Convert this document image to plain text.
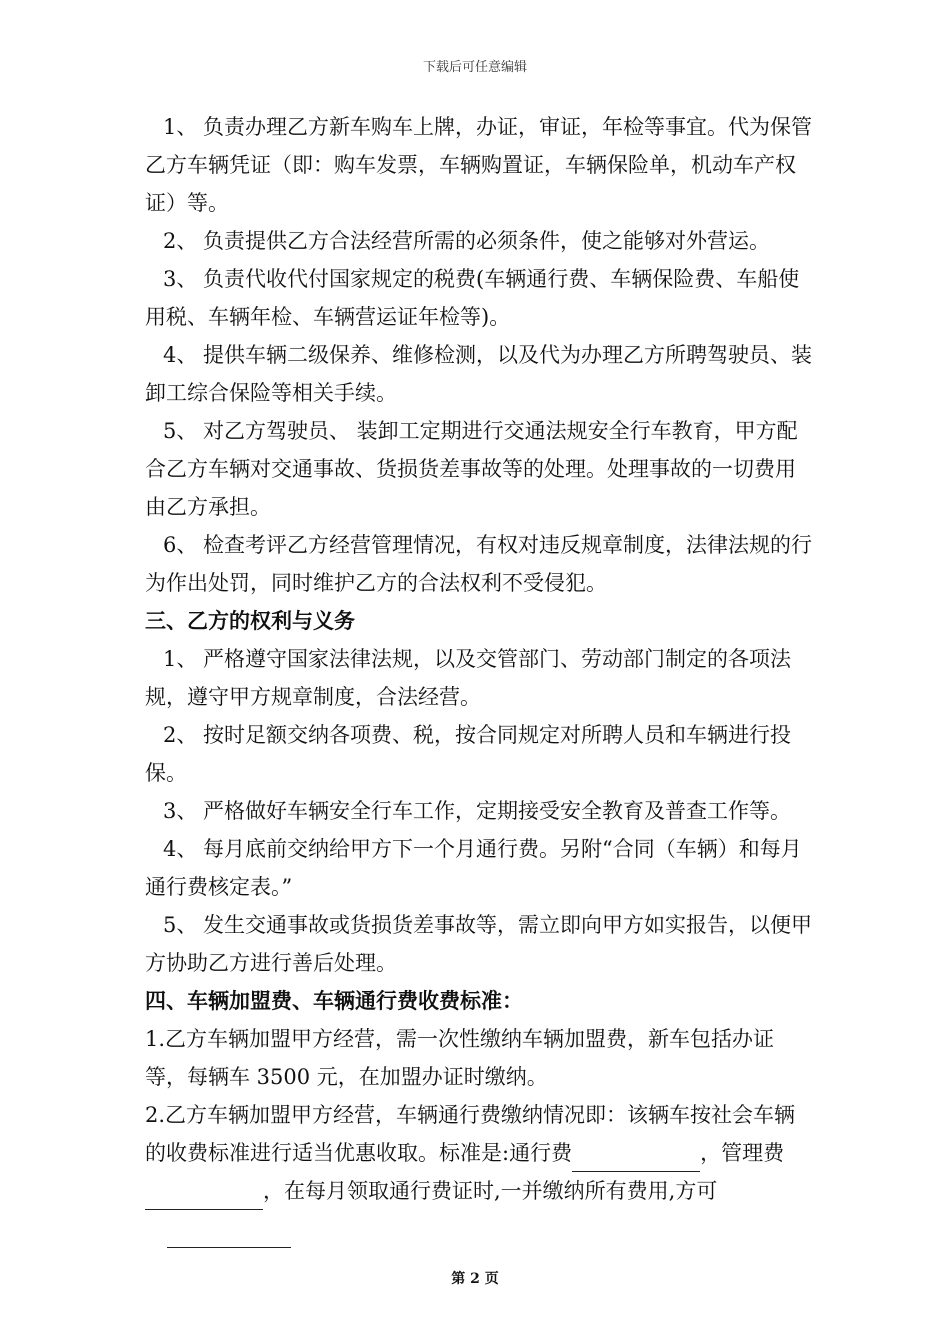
下载后可任意编辑

1、 负责办理乙方新车购车上牌，办证，审证，年检等事宜。代为保管乙方车辆凭证（即：购车发票，车辆购置证，车辆保险单，机动车产权证）等。

2、 负责提供乙方合法经营所需的必须条件，使之能够对外营运。

3、 负责代收代付国家规定的税费(车辆通行费、车辆保险费、车船使用税、车辆年检、车辆营运证年检等)。

4、 提供车辆二级保养、维修检测，以及代为办理乙方所聘驾驶员、装卸工综合保险等相关手续。

5、 对乙方驾驶员、 装卸工定期进行交通法规安全行车教育，甲方配合乙方车辆对交通事故、货损货差事故等的处理。处理事故的一切费用由乙方承担。

6、 检查考评乙方经营管理情况，有权对违反规章制度，法律法规的行为作出处罚，同时维护乙方的合法权利不受侵犯。

三、乙方的权利与义务

1、 严格遵守国家法律法规，以及交管部门、劳动部门制定的各项法规，遵守甲方规章制度，合法经营。

2、 按时足额交纳各项费、税，按合同规定对所聘人员和车辆进行投保。

3、 严格做好车辆安全行车工作，定期接受安全教育及普查工作等。

4、 每月底前交纳给甲方下一个月通行费。另附“合同（车辆）和每月通行费核定表。”

5、 发生交通事故或货损货差事故等，需立即向甲方如实报告，以便甲方协助乙方进行善后处理。

四、车辆加盟费、车辆通行费收费标准：

1.乙方车辆加盟甲方经营，需一次性缴纳车辆加盟费，新车包括办证等，每辆车 3500 元，在加盟办证时缴纳。

2.乙方车辆加盟甲方经营，车辆通行费缴纳情况即：该辆车按社会车辆的收费标准进行适当优惠收取。标准是:通行费	，管理费，在每月领取通行费证时,一并缴纳所有费用,方可

第 2 页
